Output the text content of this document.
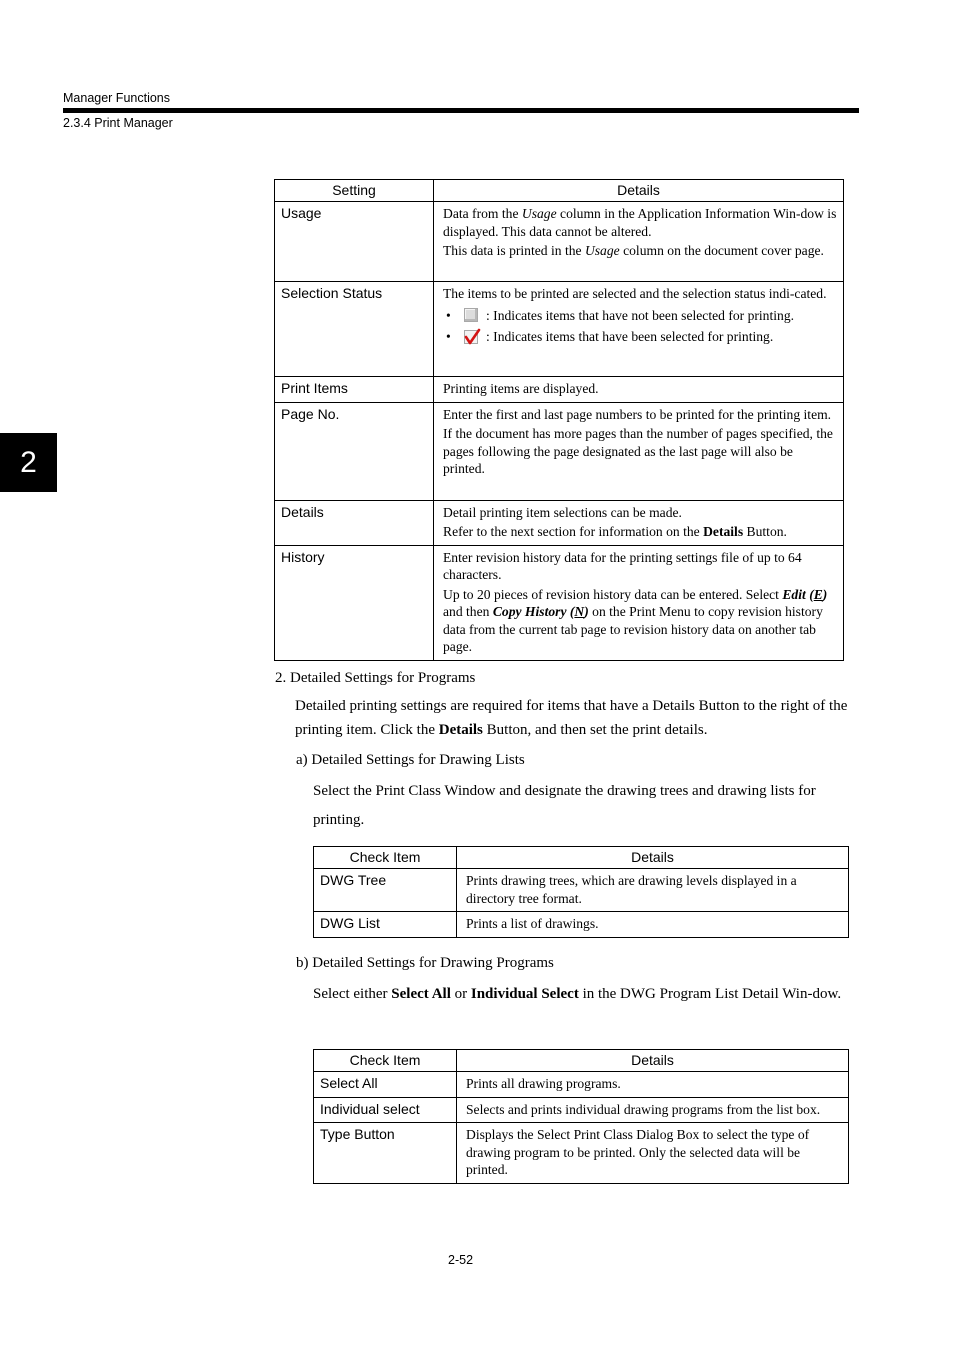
Manager Functions
2.3.4 Print Manager
2
Setting	Details
Usage	Data from the Usage column in the Application Information Win-dow is displayed. This data cannot be altered.

This data is printed in the Usage column on the document cover page.

Selection Status	The items to be printed are selected and the selection status indi-cated.

• : Indicates items that have not been selected for printing.
• : Indicates items that have been selected for printing.

Print Items	Printing items are displayed.

Page No.	Enter the first and last page numbers to be printed for the printing item.

If the document has more pages than the number of pages specified, the pages following the page designated as the last page will also be printed.

Details	Detail printing item selections can be made.

Refer to the next section for information on the Details Button.

History	Enter revision history data for the printing settings file of up to 64 characters.

Up to 20 pieces of revision history data can be entered. Select Edit (E) and then Copy History (N) on the Print Menu to copy revision history data from the current tab page to revision history data on another tab page.

2. Detailed Settings for Programs
Detailed printing settings are required for items that have a Details Button to the right of the printing item. Click the Details Button, and then set the print details.
a) Detailed Settings for Drawing Lists
Select the Print Class Window and designate the drawing trees and drawing lists for printing.
Check Item	Details
DWG Tree	Prints drawing trees, which are drawing levels displayed in a directory tree format.
DWG List	Prints a list of drawings.
b) Detailed Settings for Drawing Programs
Select either Select All or Individual Select in the DWG Program List Detail Win-dow.
Check Item	Details
Select All	Prints all drawing programs.
Individual select	Selects and prints individual drawing programs from the list box.
Type Button	Displays the Select Print Class Dialog Box to select the type of drawing program to be printed. Only the selected data will be printed.
2-52
